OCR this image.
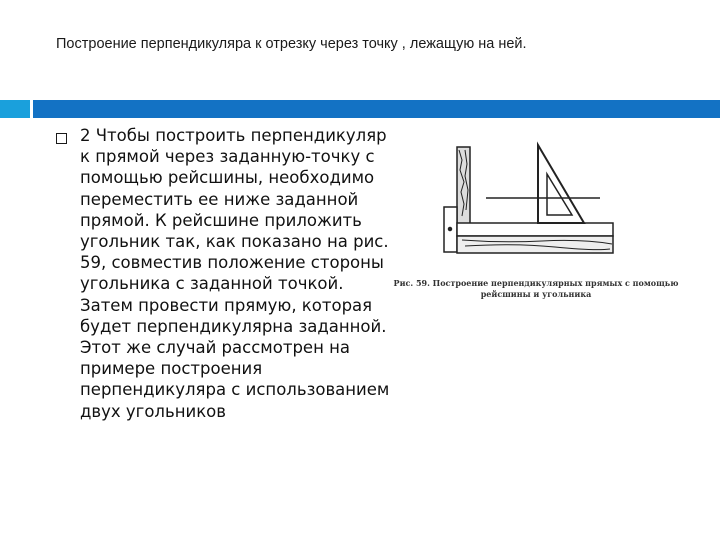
Построение перпендикуляра к отрезку через точку , лежащую на ней.
2 Чтобы построить перпендикуляр к прямой через заданную-точку с помощью рейсшины, необходимо переместить ее ниже заданной прямой. К рейсшине приложить угольник так, как показано на рис. 59, совместив положение стороны угольника с заданной точкой. Затем провести прямую, которая будет перпендикулярна заданной. Этот же случай рассмотрен на примере построения перпендикуляра с использованием двух угольников
Рис. 59. Построение перпендикулярных прямых с помощью
рейсшины и угольника
